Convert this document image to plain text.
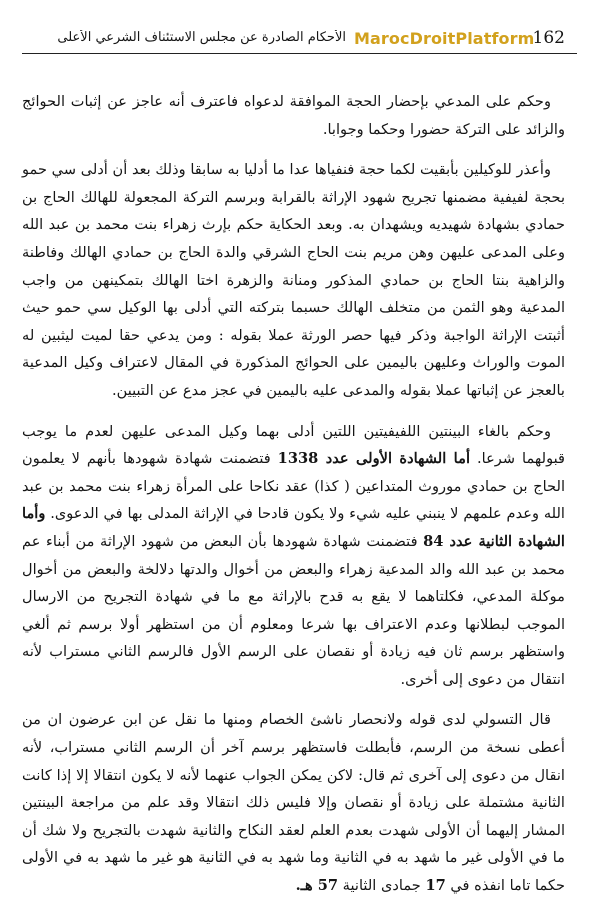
162
MarocDroitPlatform
الأحكام الصادرة عن مجلس الاستئناف الشرعي الأعلى

وحكم على المدعي بإحضار الحجة الموافقة لدعواه فاعترف أنه عاجز عن إثبات الحوائج والزائد على التركة حضورا وحكما وجوابا.

وأعذر للوكيلين بأبقيت لكما حجة فنفياها عدا ما أدليا به سابقا وذلك بعد أن أدلى سي حمو بحجة لفيفية مضمنها تجريح شهود الإراثة بالقرابة وبرسم التركة المجعولة للهالك الحاج بن حمادي بشهادة شهيديه ويشهدان به. وبعد الحكاية حكم بإرث زهراء بنت محمد بن عبد الله وعلى المدعى عليهن وهن مريم بنت الحاج الشرقي والدة الحاج بن حمادي الهالك وفاطنة والزاهية بنتا الحاج بن حمادي المذكور ومنانة والزهرة اختا الهالك بتمكينهن من واجب المدعية وهو الثمن من متخلف الهالك حسبما بتركته التي أدلى بها الوكيل سي حمو حيث أثبتت الإراثة الواجبة وذكر فيها حصر الورثة عملا بقوله : ومن يدعي حقا لميت ليثبين له الموت والوراث وعليهن باليمين على الحوائج المذكورة في المقال لاعتراف وكيل المدعية بالعجز عن إثباتها عملا بقوله والمدعى عليه باليمين في عجز مدع عن التبيين.

وحكم بالغاء البينتين اللفيفيتين اللتين أدلى بهما وكيل المدعى عليهن لعدم ما يوجب قبولهما شرعا. أما الشهادة الأولى عدد 1338 فتضمنت شهادة شهودها بأنهم لا يعلمون الحاج بن حمادي موروث المتداعين ( كذا) عقد نكاحا على المرأة زهراء بنت محمد بن عبد الله وعدم علمهم لا ينبني عليه شيء ولا يكون قادحا في الإراثة المدلى بها في الدعوى. وأما الشهادة الثانية عدد 84 فتضمنت شهادة شهودها بأن البعض من شهود الإراثة من أبناء عم محمد بن عبد الله والد المدعية زهراء والبعض من أخوال والدتها دلالخة والبعض من أخوال موكلة المدعي، فكلتاهما لا يقع به قدح بالإراثة مع ما في شهادة التجريح من الارسال الموجب لبطلانها وعدم الاعتراف بها شرعا ومعلوم أن من استظهر أولا برسم ثم ألغي واستظهر برسم ثان فيه زيادة أو نقصان على الرسم الأول فالرسم الثاني مستراب لأنه انتقال من دعوى إلى أخرى.

قال التسولي لدى قوله ولانحصار ناشئ الخصام ومنها ما نقل عن ابن عرضون ان من أعطى نسخة من الرسم، فأبطلت فاستظهر برسم آخر أن الرسم الثاني مستراب، لأنه انقال من دعوى إلى آخرى ثم قال: لاكن يمكن الجواب عنهما لأنه لا يكون انتقالا إلا إذا كانت الثانية مشتملة على زيادة أو نقصان وإلا فليس ذلك انتقالا وقد علم من مراجعة البينتين المشار إليهما أن الأولى شهدت بعدم العلم لعقد النكاح والثانية شهدت بالتجريح ولا شك أن ما في الأولى غير ما شهد به في الثانية وما شهد به في الثانية هو غير ما شهد به في الأولى حكما تاما انفذه في 17 جمادى الثانية 57 هـ.
